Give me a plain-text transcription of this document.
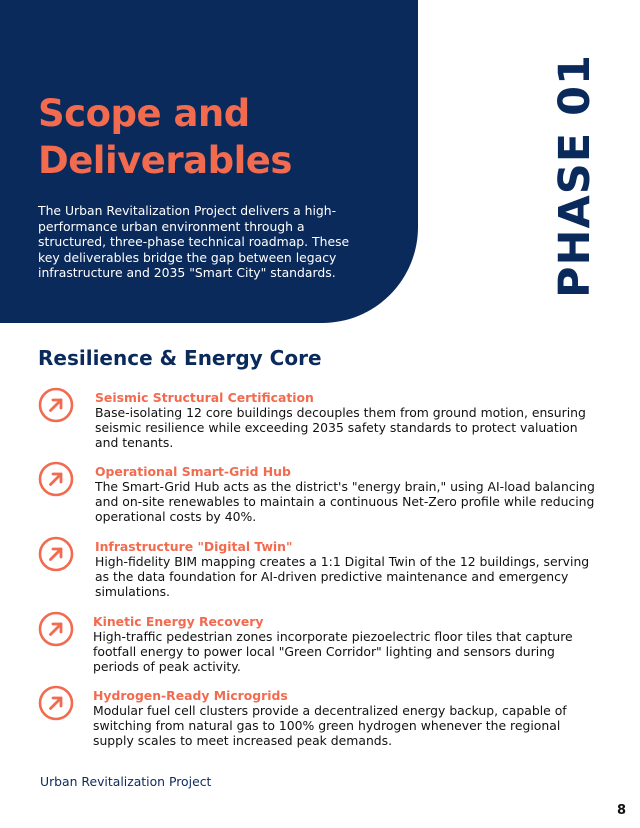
Scope and
Deliverables
The Urban Revitalization Project delivers a high-performance urban environment through a structured, three-phase technical roadmap. These key deliverables bridge the gap between legacy infrastructure and 2035 "Smart City" standards.	PHASE 01
Resilience & Energy Core
Seismic Structural Certification
Base-isolating 12 core buildings decouples them from ground motion, ensuring seismic resilience while exceeding 2035 safety standards to protect valuation and tenants.
Operational Smart-Grid Hub
The Smart-Grid Hub acts as the district's "energy brain," using AI-load balancing and on-site renewables to maintain a continuous Net-Zero profile while reducing operational costs by 40%.
Infrastructure "Digital Twin"
High-fidelity BIM mapping creates a 1:1 Digital Twin of the 12 buildings, serving as the data foundation for AI-driven predictive maintenance and emergency simulations.
Kinetic Energy Recovery
High-traffic pedestrian zones incorporate piezoelectric floor tiles that capture footfall energy to power local "Green Corridor" lighting and sensors during periods of peak activity.
Hydrogen-Ready Microgrids
Modular fuel cell clusters provide a decentralized energy backup, capable of switching from natural gas to 100% green hydrogen whenever the regional supply scales to meet increased peak demands.
Urban Revitalization Project
8
